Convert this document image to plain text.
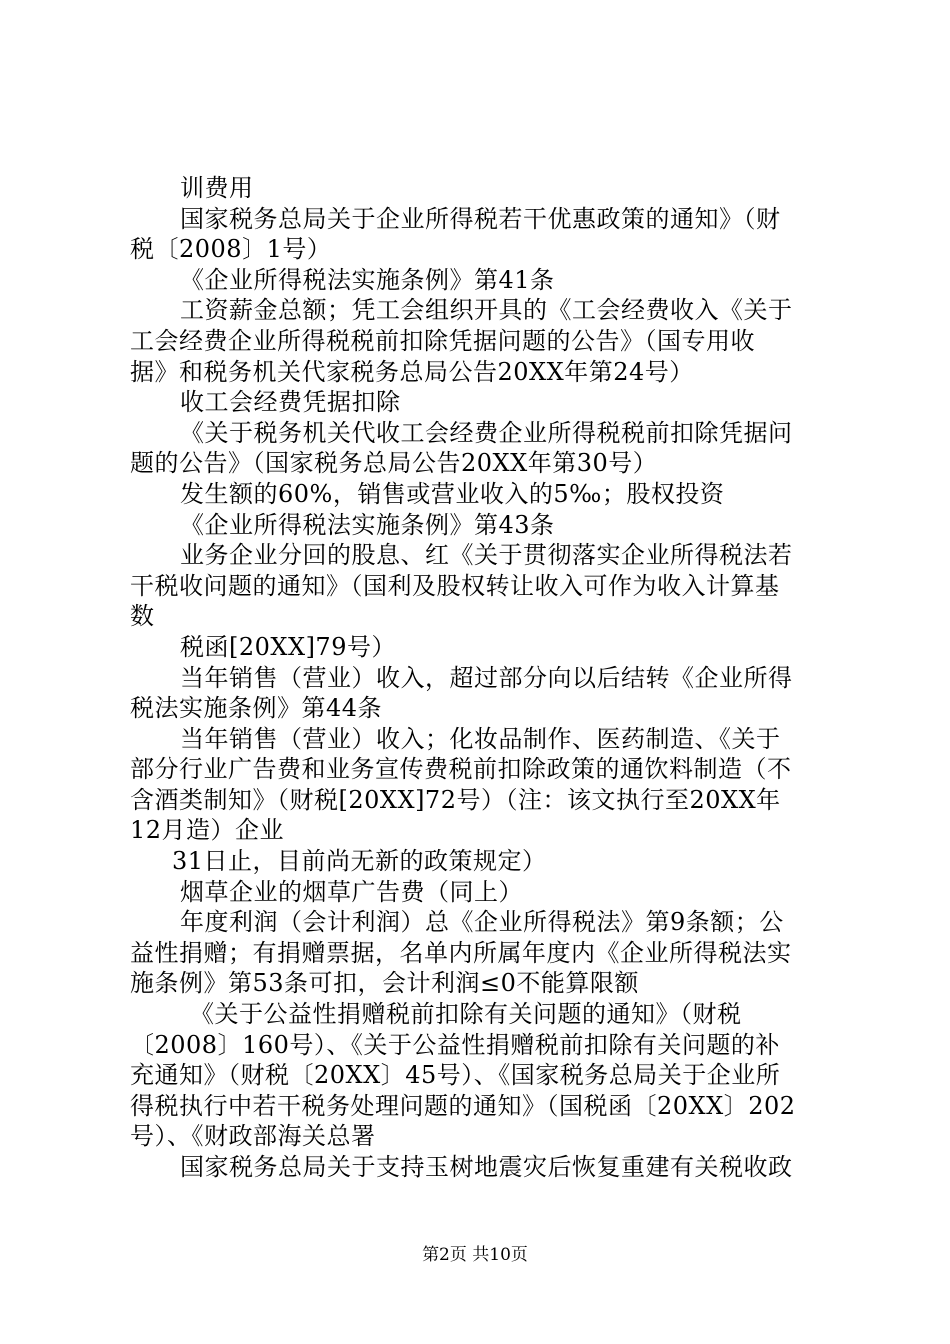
训费用
国家税务总局关于企业所得税若干优惠政策的通知》（财
税〔2008〕1号）
《企业所得税法实施条例》第41条
工资薪金总额；凭工会组织开具的《工会经费收入《关于
工会经费企业所得税税前扣除凭据问题的公告》（国专用收
据》和税务机关代家税务总局公告20XX年第24号）
收工会经费凭据扣除
《关于税务机关代收工会经费企业所得税税前扣除凭据问
题的公告》（国家税务总局公告20XX年第30号）
发生额的60%，销售或营业收入的5‰；股权投资
《企业所得税法实施条例》第43条
业务企业分回的股息、红《关于贯彻落实企业所得税法若
干税收问题的通知》（国利及股权转让收入可作为收入计算基
数
税函[20XX]79号）
当年销售（营业）收入，超过部分向以后结转《企业所得
税法实施条例》第44条
当年销售（营业）收入；化妆品制作、医药制造、《关于
部分行业广告费和业务宣传费税前扣除政策的通饮料制造（不
含酒类制知》（财税[20XX]72号）（注：该文执行至20XX年
12月造）企业
31日止，目前尚无新的政策规定）
烟草企业的烟草广告费（同上）
年度利润（会计利润）总《企业所得税法》第9条额；公
益性捐赠；有捐赠票据，名单内所属年度内《企业所得税法实
施条例》第53条可扣，会计利润≤0不能算限额
《关于公益性捐赠税前扣除有关问题的通知》（财税
〔2008〕160号）、《关于公益性捐赠税前扣除有关问题的补
充通知》（财税〔20XX〕45号）、《国家税务总局关于企业所
得税执行中若干税务处理问题的通知》（国税函〔20XX〕202
号）、《财政部海关总署
国家税务总局关于支持玉树地震灾后恢复重建有关税收政
第2页 共10页
